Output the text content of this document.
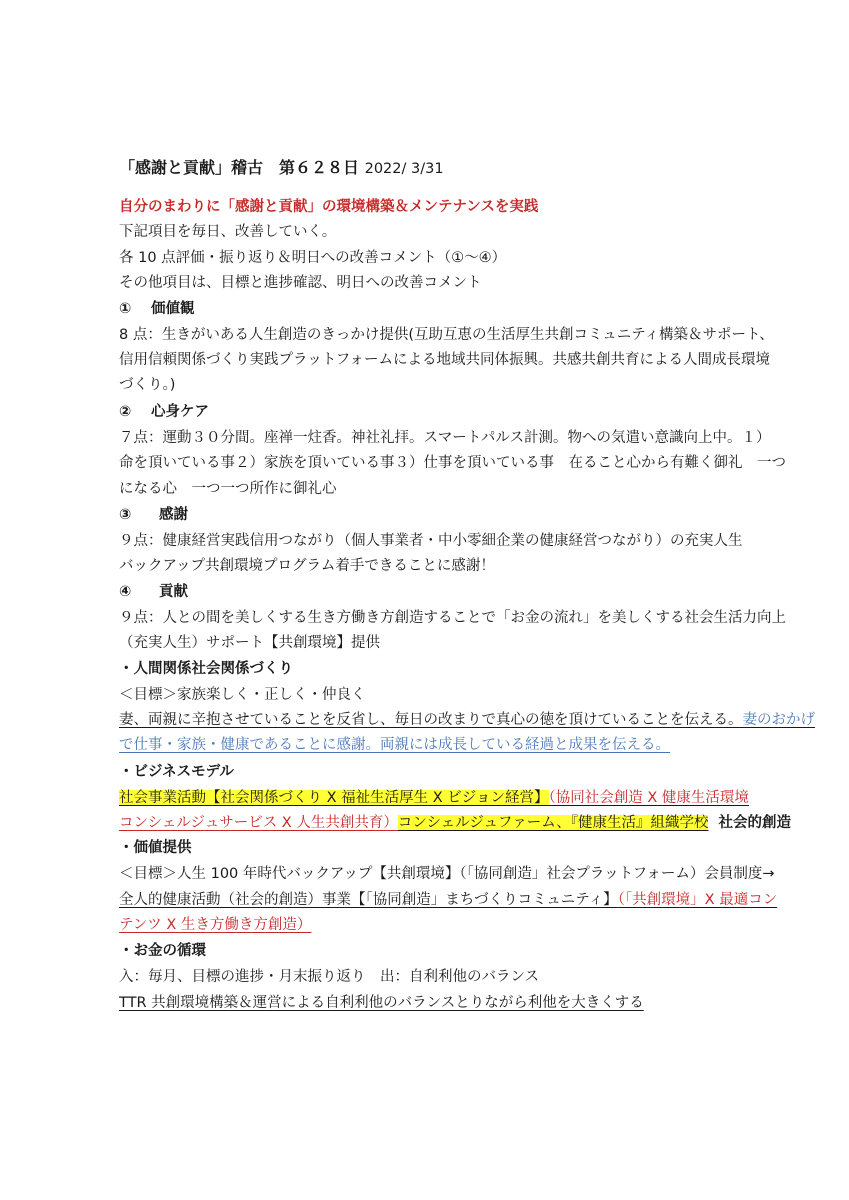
「感謝と貢献」稽古　第６２８日 2022/ 3/31
自分のまわりに「感謝と貢献」の環境構築＆メンテナンスを実践
下記項目を毎日、改善していく。
各 10 点評価・振り返り＆明日への改善コメント（①～④）
その他項目は、目標と進捗確認、明日への改善コメント
① 価値観
8 点：生きがいある人生創造のきっかけ提供(互助互恵の生活厚生共創コミュニティ構築＆サポート、
信用信頼関係づくり実践プラットフォームによる地域共同体振興。共感共創共育による人間成長環境
づくり。)
② 心身ケア
７点：運動３０分間。座禅一炷香。神社礼拝。スマートパルス計測。物への気遣い意識向上中。１）
命を頂いている事２）家族を頂いている事３）仕事を頂いている事　在ること心から有難く御礼　一つ
になる心　一つ一つ所作に御礼心
③ 感謝
９点：健康経営実践信用つながり（個人事業者・中小零細企業の健康経営つながり）の充実人生
バックアップ共創環境プログラム着手できることに感謝！
④ 貢献
９点：人との間を美しくする生き方働き方創造することで「お金の流れ」を美しくする社会生活力向上
（充実人生）サポート【共創環境】提供
・人間関係社会関係づくり
＜目標＞家族楽しく・正しく・仲良く
妻、両親に辛抱させていることを反省し、毎日の改まりで真心の徳を頂けていることを伝える。妻のおかげ
で仕事・家族・健康であることに感謝。両親には成長している経過と成果を伝える。
・ビジネスモデル
社会事業活動【社会関係づくり X 福祉生活厚生 X ビジョン経営】（協同社会創造 X 健康生活環境
コンシェルジュサービス X 人生共創共育）コンシェルジュファーム、『健康生活』組織学校 社会的創造
・価値提供
＜目標＞人生 100 年時代バックアップ【共創環境】（「協同創造」社会プラットフォーム）会員制度→
全人的健康活動（社会的創造）事業【「協同創造」まちづくりコミュニティ】（「共創環境」X 最適コン
テンツ X 生き方働き方創造）
・お金の循環
入：毎月、目標の進捗・月末振り返り　出：自利利他のバランス
TTR 共創環境構築＆運営による自利利他のバランスとりながら利他を大きくする
